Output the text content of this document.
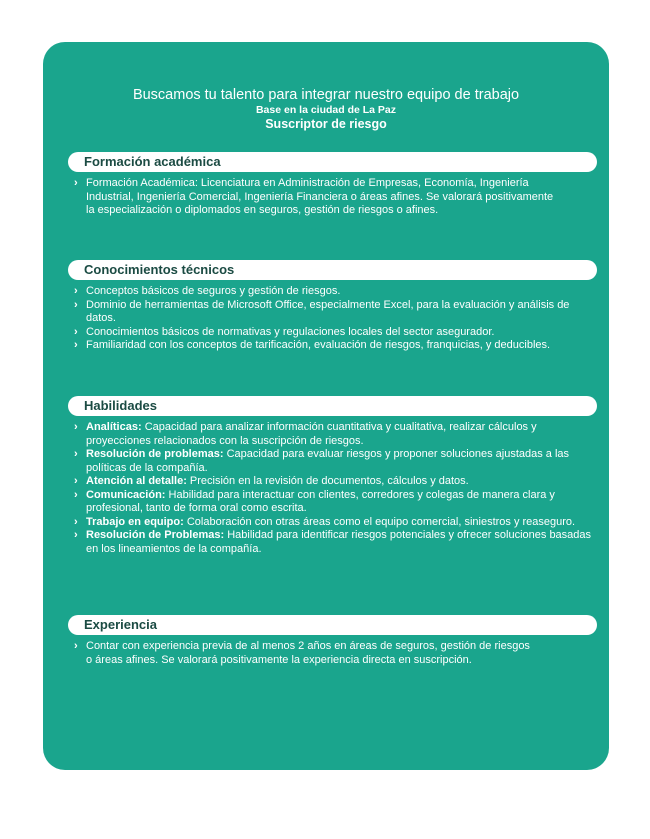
Buscamos tu talento para integrar nuestro equipo de trabajo
Base en la ciudad de La Paz
Suscriptor de riesgo
Formación académica
› Formación Académica: Licenciatura en Administración de Empresas, Economía, Ingeniería Industrial, Ingeniería Comercial, Ingeniería Financiera o áreas afines. Se valorará positivamente la especialización o diplomados en seguros, gestión de riesgos o afines.
Conocimientos técnicos
› Conceptos básicos de seguros y gestión de riesgos.
› Dominio de herramientas de Microsoft Office, especialmente Excel, para la evaluación y análisis de datos.
› Conocimientos básicos de normativas y regulaciones locales del sector asegurador.
› Familiaridad con los conceptos de tarificación, evaluación de riesgos, franquicias, y deducibles.
Habilidades
› Analíticas: Capacidad para analizar información cuantitativa y cualitativa, realizar cálculos y proyecciones relacionados con la suscripción de riesgos.
› Resolución de problemas: Capacidad para evaluar riesgos y proponer soluciones ajustadas a las políticas de la compañía.
› Atención al detalle: Precisión en la revisión de documentos, cálculos y datos.
› Comunicación: Habilidad para interactuar con clientes, corredores y colegas de manera clara y profesional, tanto de forma oral como escrita.
› Trabajo en equipo: Colaboración con otras áreas como el equipo comercial, siniestros y reaseguro.
› Resolución de Problemas: Habilidad para identificar riesgos potenciales y ofrecer soluciones basadas en los lineamientos de la compañía.
Experiencia
› Contar con experiencia previa de al menos 2 años en áreas de seguros, gestión de riesgos o áreas afines. Se valorará positivamente la experiencia directa en suscripción.
